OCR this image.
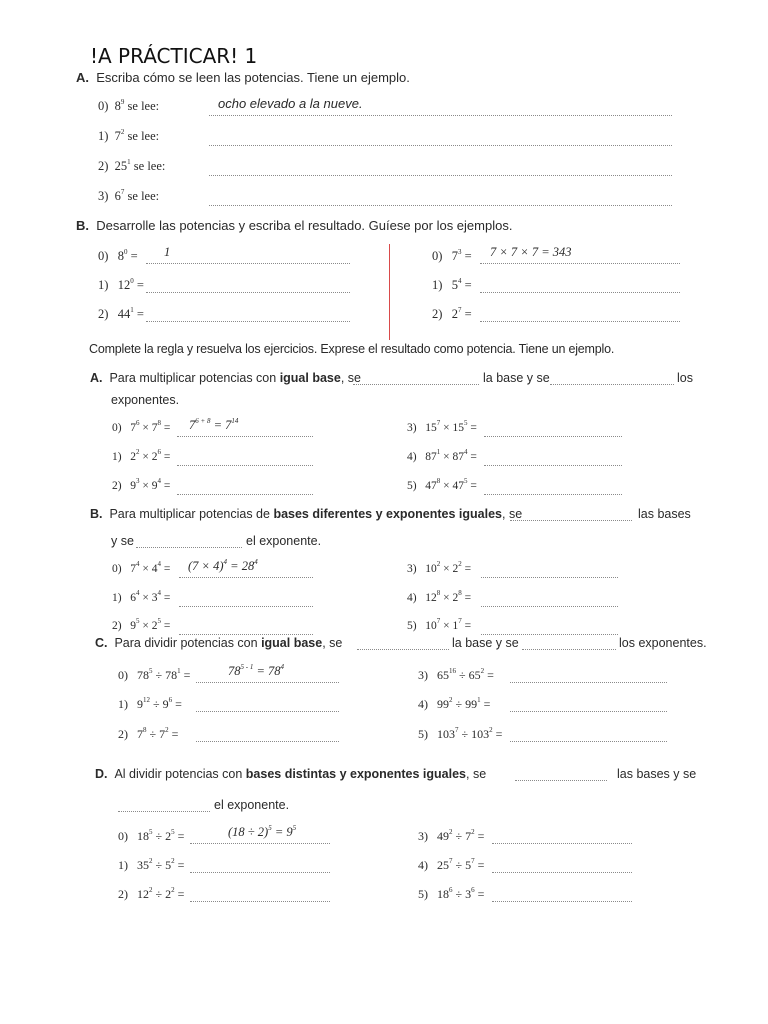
!A PRÁCTICAR! 1
A. Escriba cómo se leen las potencias. Tiene un ejemplo.
0)  $8^9$ se lee:	ocho elevado a la nueve.
1)  $7^2$ se lee:
2)  $25^1$ se lee:
3)  $6^7$ se lee:
B. Desarrolle las potencias y escriba el resultado. Guíese por los ejemplos.
0)   $8^0 = 1$
1)   $12^0$ =
2)   $44^1$ =
0)   $7^3 = 7 \times 7 \times 7 = 343$
1)   $5^4$ =
2)   $2^7$ =
Complete la regla y resuelva los ejercicios. Exprese el resultado como potencia. Tiene un ejemplo.
A. Para multiplicar potencias con igual base, se	la base y se	los
exponentes.
0)   $7^6 \times 7^8 = 7^{6 + 8} = 7^{14}$
1)   $2^2 \times 2^6$ =
2)   $9^3 \times 9^4$ =
3)   $15^7 \times 15^5$ =
4)   $87^1 \times 87^4$ =
5)   $47^8 \times 47^5$ =
B. Para multiplicar potencias de bases diferentes y exponentes iguales, se	las bases
y se	el exponente.
0)   $7^4 \times 4^4 = (7 \times 4)^4 = 28^4$
1)   $6^4 \times 3^4$ =
2)   $9^5 \times 2^5$ =
3)   $10^2 \times 2^2$ =
4)   $12^8 \times 2^8$ =
5)   $10^7 \times 1^7$ =
C. Para dividir potencias con igual base, se	la base y se	los exponentes.
0)   $78^5 \div 78^1$ =	$78^{5 - 1} = 78^4$
1)   $9^{12} \div 9^6$ =
2)   $7^8 \div 7^2$ =
3)   $65^{16} \div 65^2$ =
4)   $99^2 \div 99^1$ =
5)   $103^7 \div 103^2$ =
D. Al dividir potencias con bases distintas y exponentes iguales, se	las bases y se
el exponente.
0)   $18^5 \div 2^5$ =	$(18 \div 2)^5 = 9^5$
1)   $35^2 \div 5^2$ =
2)   $12^2 \div 2^2$ =
3)   $49^2 \div 7^2$ =
4)   $25^7 \div 5^7$ =
5)   $18^6 \div 3^6$ =
